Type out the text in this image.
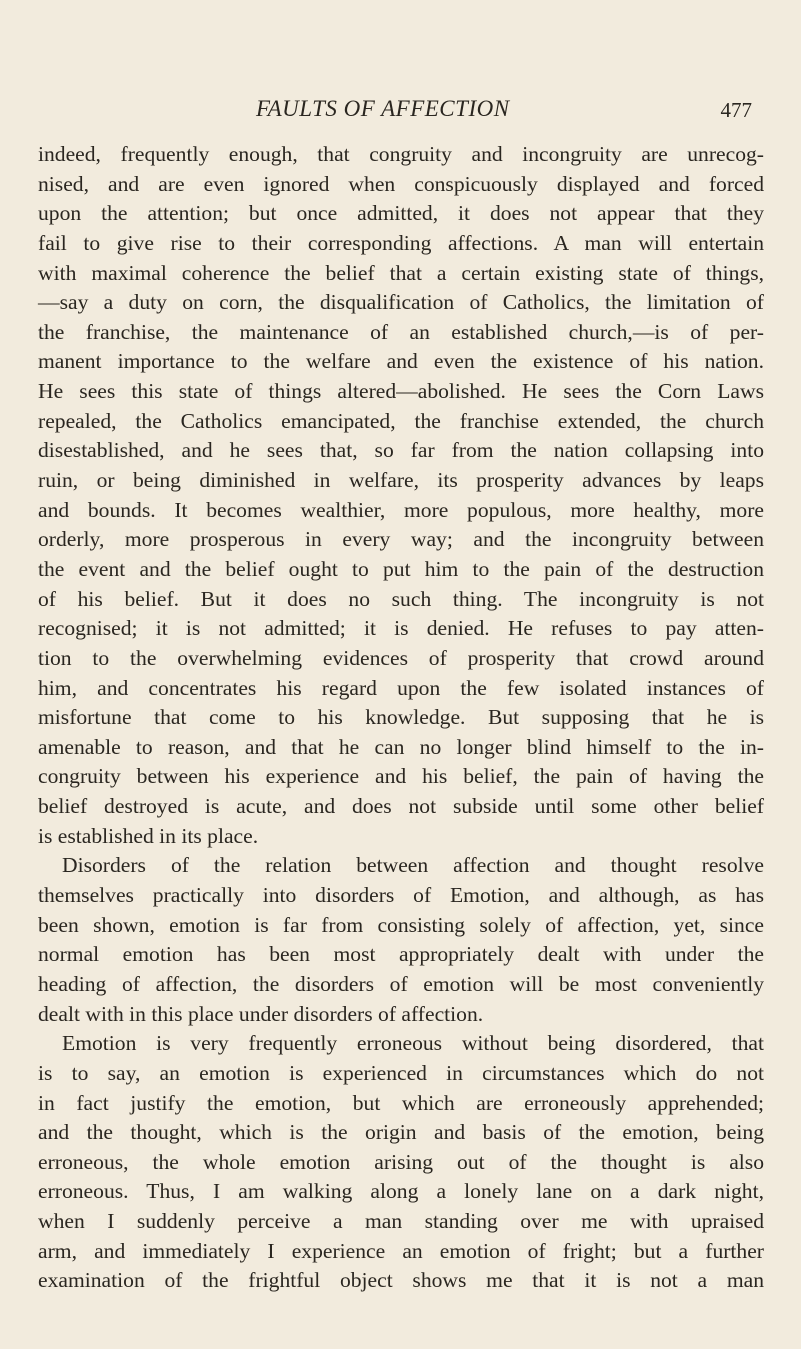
FAULTS OF AFFECTION	477
indeed, frequently enough, that congruity and incongruity are unrecog-
nised, and are even ignored when conspicuously displayed and forced
upon the attention; but once admitted, it does not appear that they
fail to give rise to their corresponding affections. A man will entertain
with maximal coherence the belief that a certain existing state of things,
—say a duty on corn, the disqualification of Catholics, the limitation of
the franchise, the maintenance of an established church,—is of per-
manent importance to the welfare and even the existence of his nation.
He sees this state of things altered—abolished. He sees the Corn Laws
repealed, the Catholics emancipated, the franchise extended, the church
disestablished, and he sees that, so far from the nation collapsing into
ruin, or being diminished in welfare, its prosperity advances by leaps
and bounds. It becomes wealthier, more populous, more healthy, more
orderly, more prosperous in every way; and the incongruity between
the event and the belief ought to put him to the pain of the destruction
of his belief. But it does no such thing. The incongruity is not
recognised; it is not admitted; it is denied. He refuses to pay atten-
tion to the overwhelming evidences of prosperity that crowd around
him, and concentrates his regard upon the few isolated instances of
misfortune that come to his knowledge. But supposing that he is
amenable to reason, and that he can no longer blind himself to the in-
congruity between his experience and his belief, the pain of having the
belief destroyed is acute, and does not subside until some other belief
is established in its place.
Disorders of the relation between affection and thought resolve
themselves practically into disorders of Emotion, and although, as has
been shown, emotion is far from consisting solely of affection, yet, since
normal emotion has been most appropriately dealt with under the
heading of affection, the disorders of emotion will be most conveniently
dealt with in this place under disorders of affection.
Emotion is very frequently erroneous without being disordered, that
is to say, an emotion is experienced in circumstances which do not
in fact justify the emotion, but which are erroneously apprehended;
and the thought, which is the origin and basis of the emotion, being
erroneous, the whole emotion arising out of the thought is also
erroneous. Thus, I am walking along a lonely lane on a dark night,
when I suddenly perceive a man standing over me with upraised
arm, and immediately I experience an emotion of fright; but a further
examination of the frightful object shows me that it is not a man
